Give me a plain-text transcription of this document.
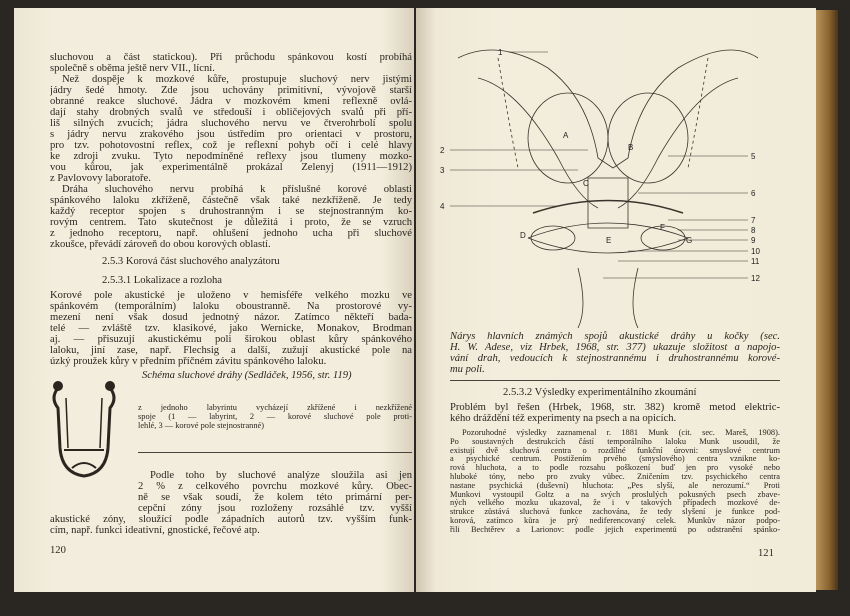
sluchovou a část statickou). Při průchodu spánkovou kostí probíhá
společně s oběma ještě nerv VII., lícní.
Než dospěje k mozkové kůře, prostupuje sluchový nerv jistými
jádry šedé hmoty. Zde jsou uchovány primitivní, vývojově starší
obranné reakce sluchové. Jádra v mozkovém kmeni reflexně ovlá-
dají stahy drobných svalů ve středouší i obličejových svalů při pří-
liš silných zvucích; jádra sluchového nervu ve čtverohrbolí spolu
s jádry nervu zrakového jsou ústředím pro orientaci v prostoru,
pro tzv. pohotovostní reflex, což je reflexní pohyb očí i celé hlavy
ke zdroji zvuku. Tyto nepodmíněné reflexy jsou tlumeny mozko-
vou kůrou, jak experimentálně prokázal Zelenyj (1911—1912)
z Pavlovovy laboratoře.
Dráha sluchového nervu probíhá k příslušné korové oblasti
spánkového laloku zkříženě, částečně však také nezkříženě. Je tedy
každý receptor spojen s druhostranným i se stejnostranným ko-
rovým centrem. Tato skutečnost je důležitá i proto, že se vzruch
z jednoho receptoru, např. ohlušení jednoho ucha při sluchové
zkoušce, převádí zároveň do obou korových oblastí.
2.5.3 Korová část sluchového analyzátoru
2.5.3.1 Lokalizace a rozloha
Korové pole akustické je uloženo v hemisféře velkého mozku ve
spánkovém (temporálním) laloku oboustranně. Na prostorové vy-
mezení není však dosud jednotný názor. Zatímco někteří bada-
telé — zvláště tzv. klasikové, jako Wernicke, Monakov, Brodman
aj. — přisuzují akustickému poli širokou oblast kůry spánkového
laloku, jiní zase, např. Flechsig a další, zužují akustické pole na
úzký proužek kůry v předním příčném závitu spánkového laloku.
Schéma sluchové dráhy (Sedláček, 1956, str. 119)
z jednoho labyrintu vycházejí zkřížené i nezkřížené
spoje (1 — labyrint, 2 — korové sluchové pole proti-
lehlé, 3 — korové pole stejnostranné)
Podle toho by sluchové analýze sloužila asi jen
2 % z celkového povrchu mozkové kůry. Obec-
ně se však soudí, že kolem této primární per-
cepční zóny jsou rozloženy rozsáhlé tzv. vyšší
akustické zóny, sloužící podle západních autorů tzv. vyšším funk-
cím, např. funkci ideativní, gnostické, řečové atp.
120
1
2
3
4
5
6
7
8
9
10
11
12
A
B
C
D
E
F
G
Nárys hlavních známých spojů akustické dráhy u kočky (sec.
H. W. Adese, viz Hrbek, 1968, str. 377) ukazuje složitost a napojo-
vání drah, vedoucích k stejnostrannému i druhostrannému korové-
mu poli.
2.5.3.2 Výsledky experimentálního zkoumání
Problém byl řešen (Hrbek, 1968, str. 382) kromě metod elektric-
kého dráždění též experimenty na psech a na opicích.
Pozoruhodné výsledky zaznamenal r. 1881 Munk (cit. sec. Mareš, 1908).
Po soustavných destrukcích částí temporálního laloku Munk usoudil, že
existují dvě sluchová centra o rozdílné funkční úrovni: smyslové centrum
a psychické centrum. Postižením prvého (smyslového) centra vznikne ko-
rová hluchota, a to podle rozsahu poškození buď jen pro vysoké nebo
hluboké tóny, nebo pro zvuky vůbec. Zničením tzv. psychického centra
nastane psychická (duševní) hluchota: „Pes slyší, ale nerozumí.“ Proti
Munkovi vystoupil Goltz a na svých proslulých pokusných psech zbave-
ných velkého mozku ukazoval, že i v takových případech mozkové de-
strukce zůstává sluchová funkce zachována, že tedy slyšení je funkce pod-
korová, zatímco kůra je prý nediferencovaný celek. Munkův názor podpo-
řili Bechtěrev a Larionov: podle jejich experimentů po odstranění spánko-
121
